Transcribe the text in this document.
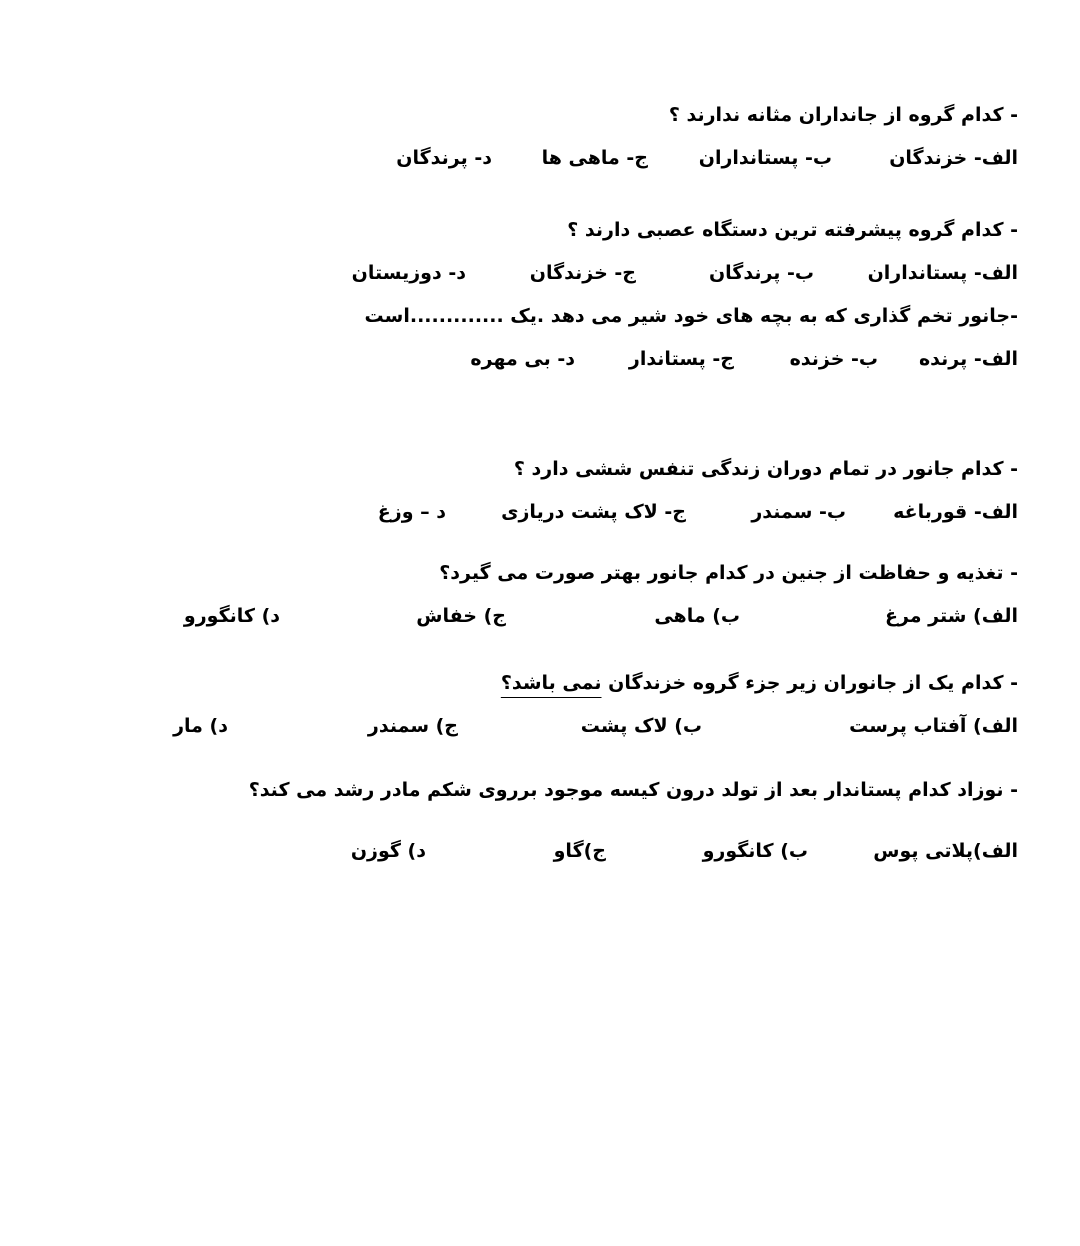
- کدام گروه از جانداران مثانه ندارند ؟
الف- خزندگان
ب- پستانداران
ج- ماهی ها
د- پرندگان
- کدام گروه پیشرفته ترین دستگاه عصبی دارند ؟
الف- پستانداران
ب- پرندگان
ج- خزندگان
د- دوزیستان
-جانور تخم گذاری که به بچه های خود شیر می دهد .یک .............است
الف- پرنده
ب- خزنده
ج- پستاندار
د- بی مهره
- کدام جانور در تمام دوران زندگی تنفس ششی دارد ؟
الف- قورباغه
ب- سمندر
ج- لاک پشت دریازی
د – وزغ
- تغذیه و حفاظت از جنین در کدام جانور بهتر صورت می گیرد؟
الف) شتر مرغ
ب) ماهی
ج) خفاش
د) کانگورو
- کدام یک از جانوران زیر جزء گروه خزندگان نمی باشد؟
الف) آفتاب پرست
ب) لاک پشت
ج) سمندر
د) مار
- نوزاد کدام پستاندار بعد از تولد درون کیسه موجود برروی شکم مادر رشد می کند؟
الف)پلاتی پوس
ب) کانگورو
ج)گاو
د) گوزن
